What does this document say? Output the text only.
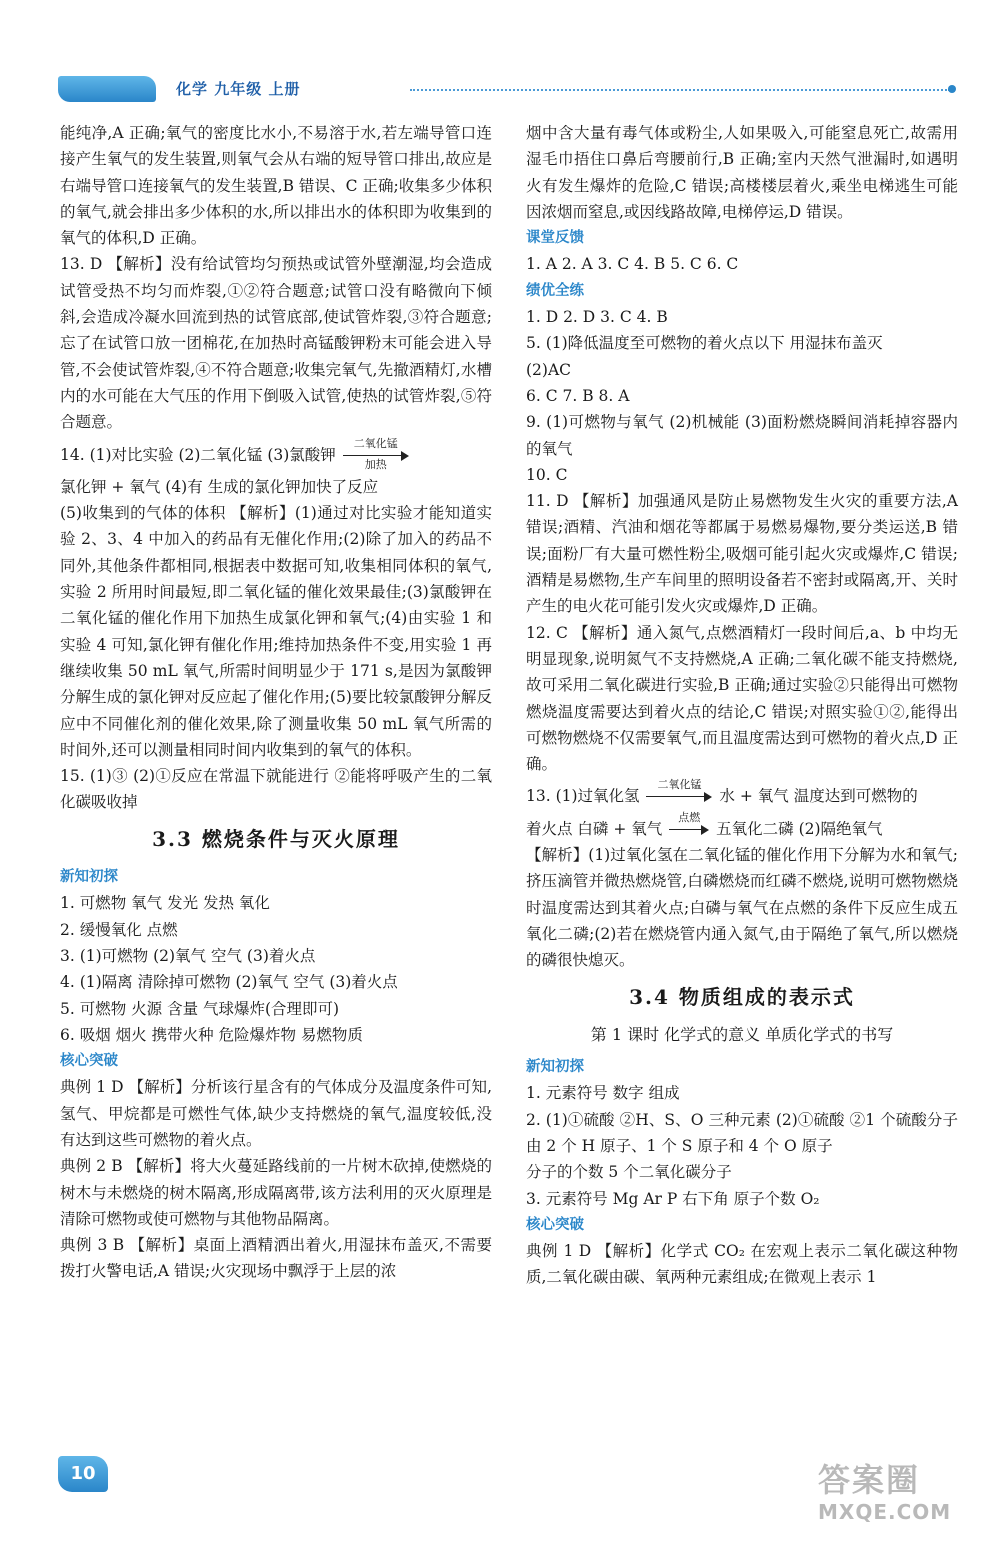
化学 九年级 上册

能纯净,A 正确;氧气的密度比水小,不易溶于水,若左端导管口连接产生氧气的发生装置,则氧气会从右端的短导管口排出,故应是右端导管口连接氧气的发生装置,B 错误、C 正确;收集多少体积的氧气,就会排出多少体积的水,所以排出水的体积即为收集到的氧气的体积,D 正确。

13. D 【解析】没有给试管均匀预热或试管外壁潮湿,均会造成试管受热不均匀而炸裂,①②符合题意;试管口没有略微向下倾斜,会造成冷凝水回流到热的试管底部,使试管炸裂,③符合题意;忘了在试管口放一团棉花,在加热时高锰酸钾粉末可能会进入导管,不会使试管炸裂,④不符合题意;收集完氧气,先撤酒精灯,水槽内的水可能在大气压的作用下倒吸入试管,使热的试管炸裂,⑤符合题意。

14. (1)对比实验 (2)二氧化锰 (3)氯酸钾
二氧化锰
加热

氯化钾 + 氧气 (4)有 生成的氯化钾加快了反应

(5)收集到的气体的体积 【解析】(1)通过对比实验才能知道实验 2、3、4 中加入的药品有无催化作用;(2)除了加入的药品不同外,其他条件都相同,根据表中数据可知,收集相同体积的氧气,实验 2 所用时间最短,即二氧化锰的催化效果最佳;(3)氯酸钾在二氧化锰的催化作用下加热生成氯化钾和氧气;(4)由实验 1 和实验 4 可知,氯化钾有催化作用;维持加热条件不变,用实验 1 再继续收集 50 mL 氧气,所需时间明显少于 171 s,是因为氯酸钾分解生成的氯化钾对反应起了催化作用;(5)要比较氯酸钾分解反应中不同催化剂的催化效果,除了测量收集 50 mL 氧气所需的时间外,还可以测量相同时间内收集到的氧气的体积。

15. (1)③ (2)①反应在常温下就能进行 ②能将呼吸产生的二氧化碳吸收掉

3.3 燃烧条件与灭火原理
新知初探

1. 可燃物 氧气 发光 发热 氧化

2. 缓慢氧化 点燃

3. (1)可燃物 (2)氧气 空气 (3)着火点

4. (1)隔离 清除掉可燃物 (2)氧气 空气 (3)着火点

5. 可燃物 火源 含量 气球爆炸(合理即可)

6. 吸烟 烟火 携带火种 危险爆炸物 易燃物质

核心突破

典例 1 D 【解析】分析该行星含有的气体成分及温度条件可知,氢气、甲烷都是可燃性气体,缺少支持燃烧的氧气,温度较低,没有达到这些可燃物的着火点。

典例 2 B 【解析】将大火蔓延路线前的一片树木砍掉,使燃烧的树木与未燃烧的树木隔离,形成隔离带,该方法利用的灭火原理是清除可燃物或使可燃物与其他物品隔离。

典例 3 B 【解析】桌面上酒精洒出着火,用湿抹布盖灭,不需要拨打火警电话,A 错误;火灾现场中飘浮于上层的浓

烟中含大量有毒气体或粉尘,人如果吸入,可能窒息死亡,故需用湿毛巾捂住口鼻后弯腰前行,B 正确;室内天然气泄漏时,如遇明火有发生爆炸的危险,C 错误;高楼楼层着火,乘坐电梯逃生可能因浓烟而窒息,或因线路故障,电梯停运,D 错误。

课堂反馈

1. A 2. A 3. C 4. B 5. C 6. C

绩优全练

1. D 2. D 3. C 4. B

5. (1)降低温度至可燃物的着火点以下 用湿抹布盖灭

(2)AC

6. C 7. B 8. A

9. (1)可燃物与氧气 (2)机械能 (3)面粉燃烧瞬间消耗掉容器内的氧气

10. C

11. D 【解析】加强通风是防止易燃物发生火灾的重要方法,A 错误;酒精、汽油和烟花等都属于易燃易爆物,要分类运送,B 错误;面粉厂有大量可燃性粉尘,吸烟可能引起火灾或爆炸,C 错误;酒精是易燃物,生产车间里的照明设备若不密封或隔离,开、关时产生的电火花可能引发火灾或爆炸,D 正确。

12. C 【解析】通入氮气,点燃酒精灯一段时间后,a、b 中均无明显现象,说明氮气不支持燃烧,A 正确;二氧化碳不能支持燃烧,故可采用二氧化碳进行实验,B 正确;通过实验②只能得出可燃物燃烧温度需要达到着火点的结论,C 错误;对照实验①②,能得出可燃物燃烧不仅需要氧气,而且温度需达到可燃物的着火点,D 正确。

13. (1)过氧化氢
二氧化锰
水 + 氧气 温度达到可燃物的

着火点 白磷 + 氧气
点燃
五氧化二磷 (2)隔绝氧气

【解析】(1)过氧化氢在二氧化锰的催化作用下分解为水和氧气;挤压滴管并微热燃烧管,白磷燃烧而红磷不燃烧,说明可燃物燃烧时温度需达到其着火点;白磷与氧气在点燃的条件下反应生成五氧化二磷;(2)若在燃烧管内通入氮气,由于隔绝了氧气,所以燃烧的磷很快熄灭。

3.4 物质组成的表示式
第 1 课时 化学式的意义 单质化学式的书写
新知初探

1. 元素符号 数字 组成

2. (1)①硫酸 ②H、S、O 三种元素 (2)①硫酸 ②1 个硫酸分子由 2 个 H 原子、1 个 S 原子和 4 个 O 原子

分子的个数 5 个二氧化碳分子

3. 元素符号 Mg Ar P 右下角 原子个数 O₂

核心突破

典例 1 D 【解析】化学式 CO₂ 在宏观上表示二氧化碳这种物质,二氧化碳由碳、氧两种元素组成;在微观上表示 1

10	答案圈
MXQE.COM
